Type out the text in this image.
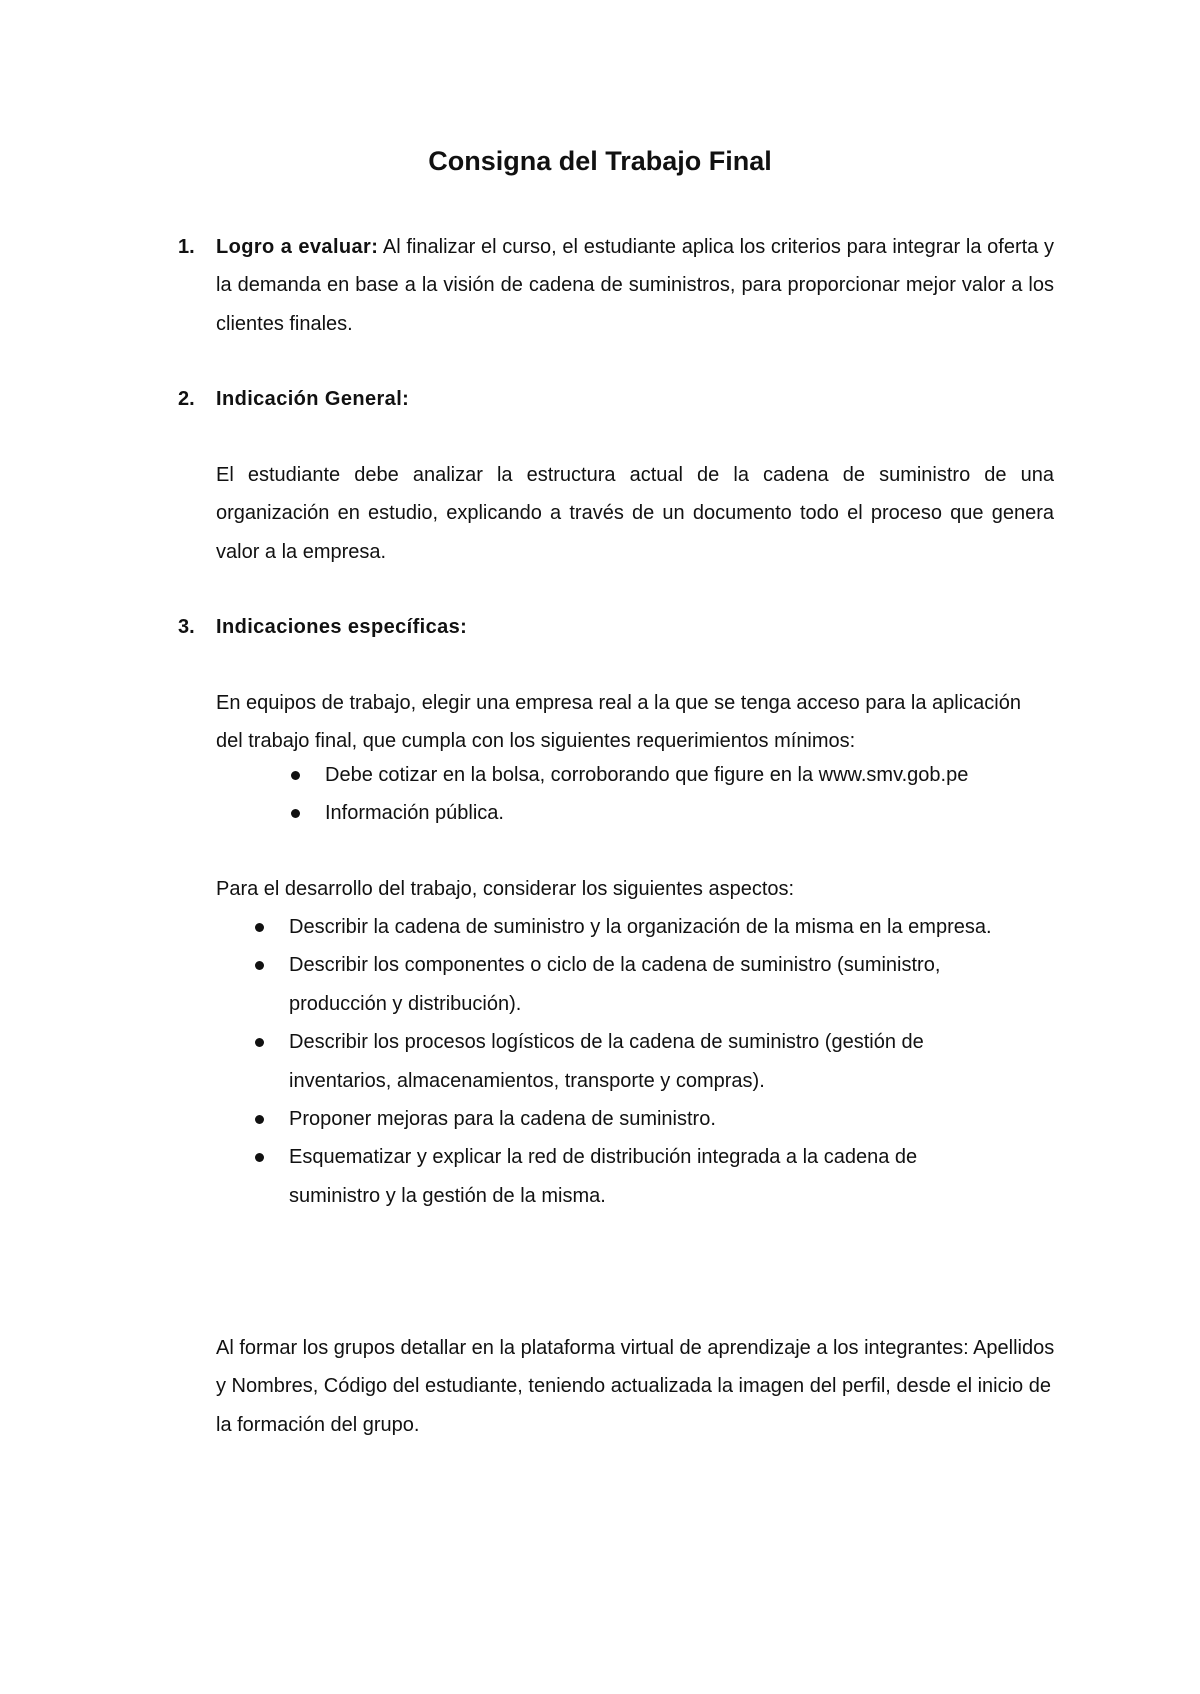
Consigna del Trabajo Final
1. Logro a evaluar: Al finalizar el curso, el estudiante aplica los criterios para integrar la oferta y la demanda en base a la visión de cadena de suministros, para proporcionar mejor valor a los clientes finales.
2. Indicación General:
El estudiante debe analizar la estructura actual de la cadena de suministro de una organización en estudio, explicando a través de un documento todo el proceso que genera valor a la empresa.
3. Indicaciones específicas:
En equipos de trabajo, elegir una empresa real a la que se tenga acceso para la aplicación del trabajo final, que cumpla con los siguientes requerimientos mínimos:
Debe cotizar en la bolsa, corroborando que figure en la www.smv.gob.pe
Información pública.
Para el desarrollo del trabajo, considerar los siguientes aspectos:
Describir la cadena de suministro y la organización de la misma en la empresa.
Describir los componentes o ciclo de la cadena de suministro (suministro, producción y distribución).
Describir los procesos logísticos de la cadena de suministro (gestión de inventarios, almacenamientos, transporte y compras).
Proponer mejoras para la cadena de suministro.
Esquematizar y explicar la red de distribución integrada a la cadena de suministro y la gestión de la misma.
Al formar los grupos detallar en la plataforma virtual de aprendizaje a los integrantes: Apellidos y Nombres, Código del estudiante, teniendo actualizada la imagen del perfil, desde el inicio de la formación del grupo.
